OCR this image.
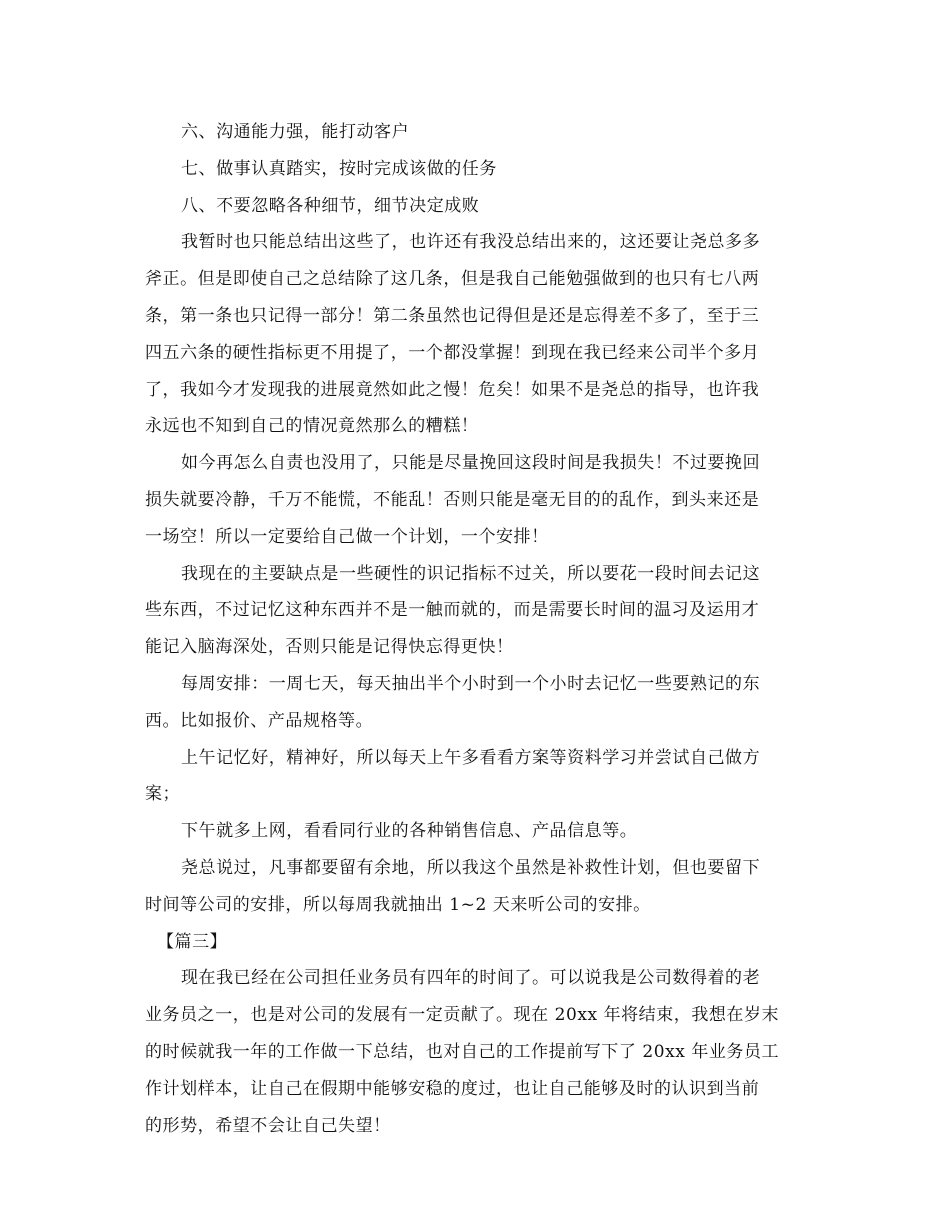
六、沟通能力强，能打动客户
七、做事认真踏实，按时完成该做的任务
八、不要忽略各种细节，细节决定成败
我暂时也只能总结出这些了，也许还有我没总结出来的，这还要让尧总多多
斧正。但是即使自己之总结除了这几条，但是我自己能勉强做到的也只有七八两
条，第一条也只记得一部分！第二条虽然也记得但是还是忘得差不多了，至于三
四五六条的硬性指标更不用提了，一个都没掌握！到现在我已经来公司半个多月
了，我如今才发现我的进展竟然如此之慢！危矣！如果不是尧总的指导，也许我
永远也不知到自己的情况竟然那么的糟糕！
如今再怎么自责也没用了，只能是尽量挽回这段时间是我损失！不过要挽回
损失就要冷静，千万不能慌，不能乱！否则只能是毫无目的的乱作，到头来还是
一场空！所以一定要给自己做一个计划，一个安排！
我现在的主要缺点是一些硬性的识记指标不过关，所以要花一段时间去记这
些东西，不过记忆这种东西并不是一触而就的，而是需要长时间的温习及运用才
能记入脑海深处，否则只能是记得快忘得更快！
每周安排：一周七天，每天抽出半个小时到一个小时去记忆一些要熟记的东
西。比如报价、产品规格等。
上午记忆好，精神好，所以每天上午多看看方案等资料学习并尝试自己做方
案；
下午就多上网，看看同行业的各种销售信息、产品信息等。
尧总说过，凡事都要留有余地，所以我这个虽然是补救性计划，但也要留下
时间等公司的安排，所以每周我就抽出 1~2 天来听公司的安排。
【篇三】
现在我已经在公司担任业务员有四年的时间了。可以说我是公司数得着的老
业务员之一，也是对公司的发展有一定贡献了。现在 20xx 年将结束，我想在岁末
的时候就我一年的工作做一下总结，也对自己的工作提前写下了 20xx 年业务员工
作计划样本，让自己在假期中能够安稳的度过，也让自己能够及时的认识到当前
的形势，希望不会让自己失望！
